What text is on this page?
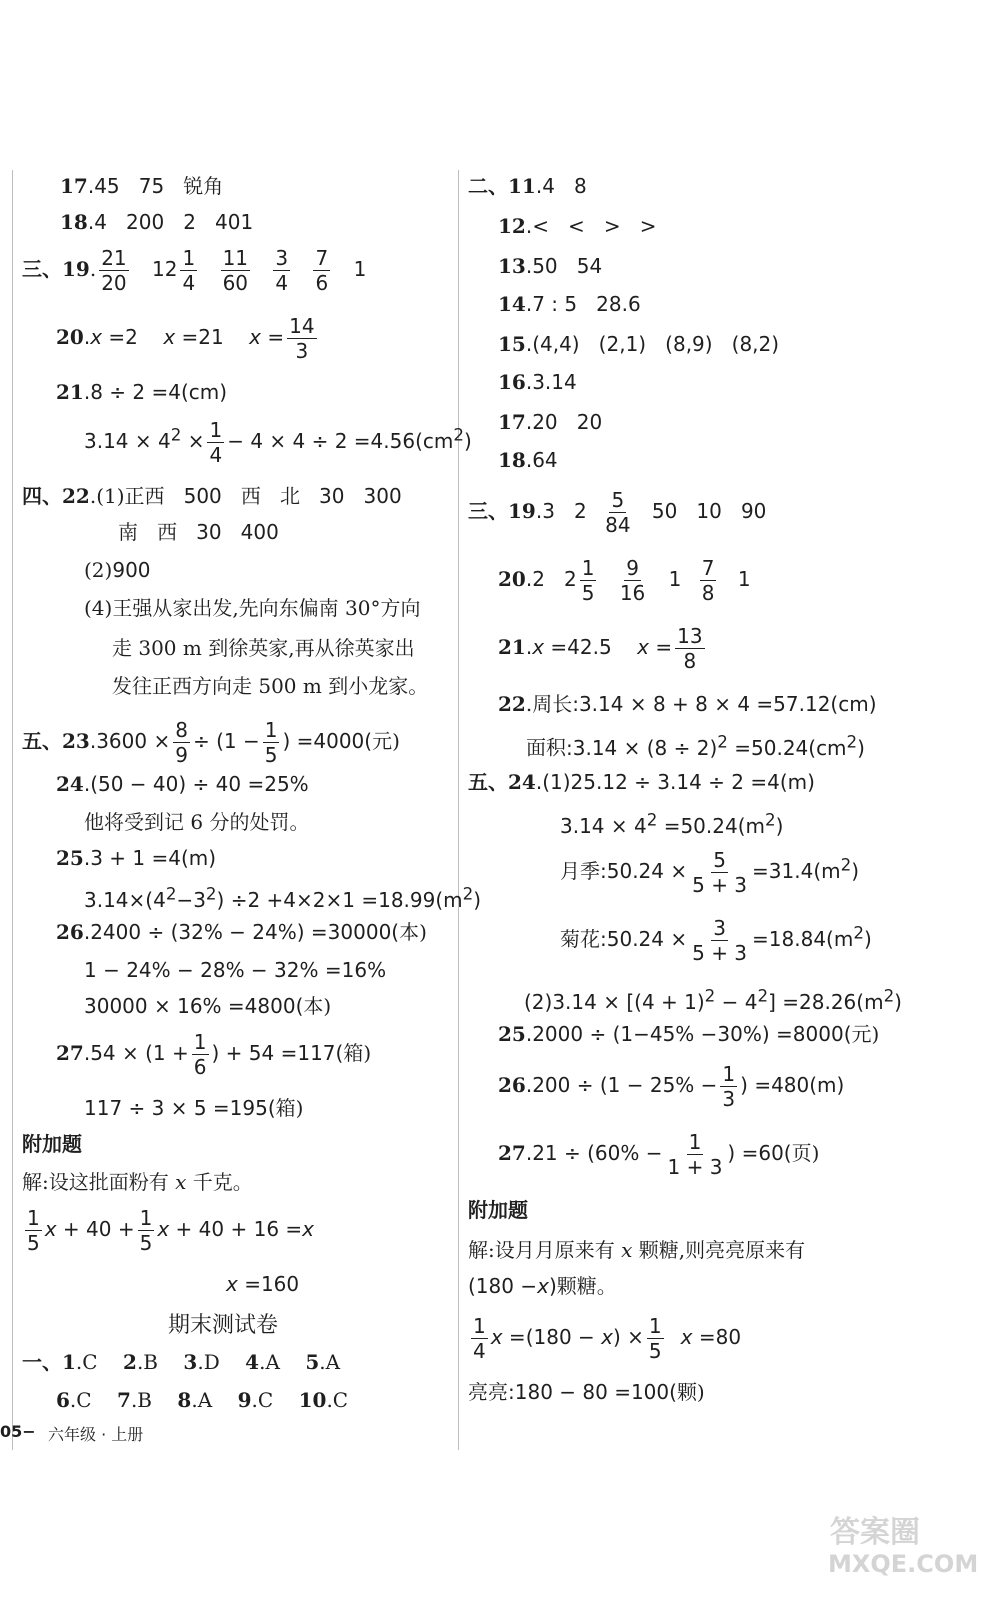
17.45   75   锐角
18.4   200   2   401
三、19. $\frac{21}{20} 12 \frac{1}{4}$
$\frac{11}{60}$
$\frac{3}{4}$
$\frac{7}{6} 1$
20.x =2    x =21    $x = \frac{14}{3}$
21.8 ÷ 2 =4(cm)
$3.14 \times 4^2 \times \frac{1}{4} - 4 \times 4 \div 2 =4.56(cm^2)$
四、22.(1)正西   500   西   北   30   300
南   西   30   400
(2)900
(4)王强从家出发,先向东偏南 30°方向
走 300 m 到徐英家,再从徐英家出
发往正西方向走 500 m 到小龙家。
五、$23.3600 \times \frac{8}{9} \div (1 - \frac{1}{5}$ ) =4000(元)
24.(50 − 40) ÷ 40 =25%
他将受到记 6 分的处罚。
25.3 + 1 =4(m)
$3.14\times(4^2-3^2) \div 2 +4\times 2\times 1 =18.99(m^2)$
26.2400 ÷ (32% − 24%) =30000(本)
1 − 24% − 28% − 32% =16%
30000 × 16% =4800(本)
$27.54 \times (1 + \frac{1}{6}$ ) + 54 =117(箱)
117 ÷ 3 × 5 =195(箱)
附加题
解:设这批面粉有 x 千克。
$\frac{1}{5}$ $x + 40 + \frac{1}{5}$ x + 40 + 16 =x
x =160
期末测试卷
一、1.C    2.B    3.D    4.A    5.A
6.C    7.B    8.A    9.C    10.C
二、11.4   8
12.<   <   >   >
13.50   54
14.7 : 5   28.6
15.(4,4)   (2,1)   (8,9)   (8,2)
16.3.14
17.20   20
18.64
三、19.3   $2 \frac{5}{84} 50$   10   90
20.2   $2 \frac{1}{5}$
$\frac{9}{16} 1 \frac{7}{8} 1$
21.x =42.5    $x = \frac{13}{8}$
22.周长:3.14 × 8 + 8 × 4 =57.12(cm)
面积:3.14 × $(8 \div 2)^2 =50.24(cm^2)$
五、24.(1)25.12 ÷ 3.14 ÷ 2 =4(m)
$3.14 \times 4^2 =50.24(m^2)$
月季:50.24 × $\frac{5}{5 + 3} =31.4(m^2)$
菊花:50.24 × $\frac{3}{5 + 3} =18.84(m^2)$
$(2)3.14 \times [(4 + 1)^2 - 4^2] =28.26(m^2)$
25.2000 ÷ (1−45% −30%) =8000(元)
$26.200 \div (1 - 25\% - \frac{1}{3}$ ) =480(m)
$27.21 \div (60\% - \frac{1}{1 + 3}$ ) =60(页)
附加题
解:设月月原来有 x 颗糖,则亮亮原来有
(180 −x)颗糖。
$\frac{1}{4}$ $x =(180 - x) \times \frac{1}{5}$ x =80
亮亮:180 − 80 =100(颗)
05− 六年级 · 上册
答案圈
MXQE.COM
